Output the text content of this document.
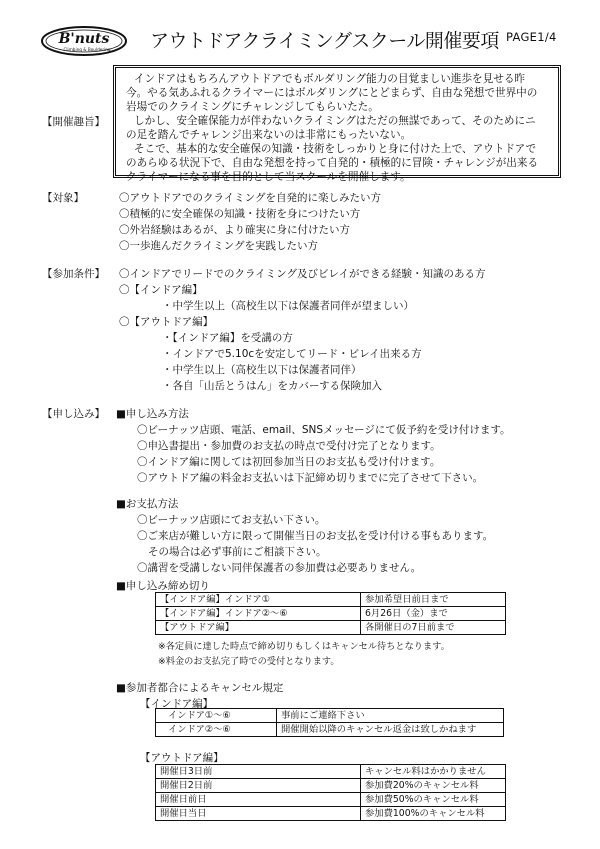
B'nuts
Climbing & Bouldering アウトドアクライミングスクール開催要項 PAGE1/4
【開催趣旨】

インドアはもちろんアウトドアでもボルダリング能力の目覚ましい進歩を見せる昨

今。やる気あふれるクライマーにはボルダリングにとどまらず、自由な発想で世界中の

岩場でのクライミングにチャレンジしてもらいたた。

しかし、安全確保能力が伴わないクライミングはただの無謀であって、そのためにニ

の足を踏んでチャレンジ出来ないのは非常にもったいない。

そこで、基本的な安全確保の知識・技術をしっかりと身に付けた上で、アウトドアで

のあらゆる状況下で、自由な発想を持って自発的・積極的に冒険・チャレンジが出来る

クライマーになる事を目的として当スクールを開催します。

【対象】	〇アウトドアでのクライミングを自発的に楽しみたい方
〇積極的に安全確保の知識・技術を身につけたい方
〇外岩経験はあるが、より確実に身に付けたい方
〇一歩進んだクライミングを実践したい方
【参加条件】 〇インドアでリードでのクライミング及びビレイができる経験・知識のある方
〇【インドア編】
・中学生以上（高校生以下は保護者同伴が望ましい）
〇【アウトドア編】
・【インドア編】を受講の方
・インドアで5.10cを安定してリード・ビレイ出来る方
・中学生以上（高校生以下は保護者同伴）
・各自「山岳とうはん」をカバーする保険加入
【申し込み】 ■申し込み方法
〇ビーナッツ店頭、電話、email、SNSメッセージにて仮予約を受け付けます。
〇申込書提出・参加費のお支払の時点で受付け完了となります。
〇インドア編に関しては初回参加当日のお支払も受け付けます。
〇アウトドア編の料金お支払いは下記締め切りまでに完了させて下さい。
■お支払方法
〇ビーナッツ店頭にてお支払い下さい。
〇ご来店が難しい方に限って開催当日のお支払を受け付ける事もあります。
その場合は必ず事前にご相談下さい。
〇講習を受講しない同伴保護者の参加費は必要ありません。
■申し込み締め切り
【インドア編】インドア①	参加希望日前日まで
【インドア編】インドア②～⑥	6月26日（金）まで
【アウトドア編】	各開催日の7日前まで
※各定員に達した時点で締め切りもしくはキャンセル待ちとなります。
※料金のお支払完了時での受付となります。
■参加者都合によるキャンセル規定
【インドア編】
インドア①～⑥	事前にご連絡下さい
インドア②～⑥	開催開始以降のキャンセル返金は致しかねます
【アウトドア編】
開催日3日前	キャンセル料はかかりません
開催日2日前	参加費20%のキャンセル料
開催日前日	参加費50%のキャンセル料
開催日当日	参加費100%のキャンセル料
